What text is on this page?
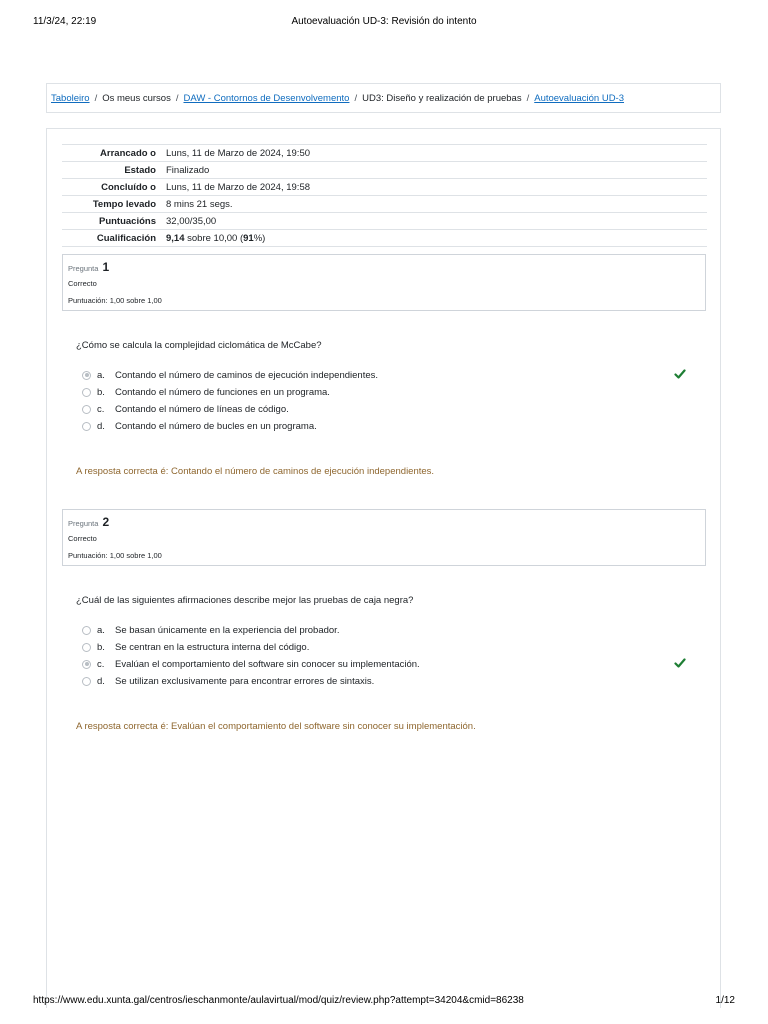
11/3/24, 22:19	Autoevaluación UD-3: Revisión do intento
Taboleiro / Os meus cursos / DAW - Contornos de Desenvolvemento / UD3: Diseño y realización de pruebas / Autoevaluación UD-3
Arrancado o	Luns, 11 de Marzo de 2024, 19:50
Estado	Finalizado
Concluído o	Luns, 11 de Marzo de 2024, 19:58
Tempo levado	8 mins 21 segs.
Puntuacións	32,00/35,00
Cualificación	9,14 sobre 10,00 (91%)
Pregunta 1
Correcto
Puntuación: 1,00 sobre 1,00
¿Cómo se calcula la complejidad ciclomática de McCabe?
a.	Contando el número de caminos de ejecución independientes.
b.	Contando el número de funciones en un programa.
c.	Contando el número de líneas de código.
d.	Contando el número de bucles en un programa.
A resposta correcta é: Contando el número de caminos de ejecución independientes.
Pregunta 2
Correcto
Puntuación: 1,00 sobre 1,00
¿Cuál de las siguientes afirmaciones describe mejor las pruebas de caja negra?
a.	Se basan únicamente en la experiencia del probador.
b.	Se centran en la estructura interna del código.
c.	Evalúan el comportamiento del software sin conocer su implementación.
d.	Se utilizan exclusivamente para encontrar errores de sintaxis.
A resposta correcta é: Evalúan el comportamiento del software sin conocer su implementación.
https://www.edu.xunta.gal/centros/ieschanmonte/aulavirtual/mod/quiz/review.php?attempt=34204&cmid=86238	1/12
